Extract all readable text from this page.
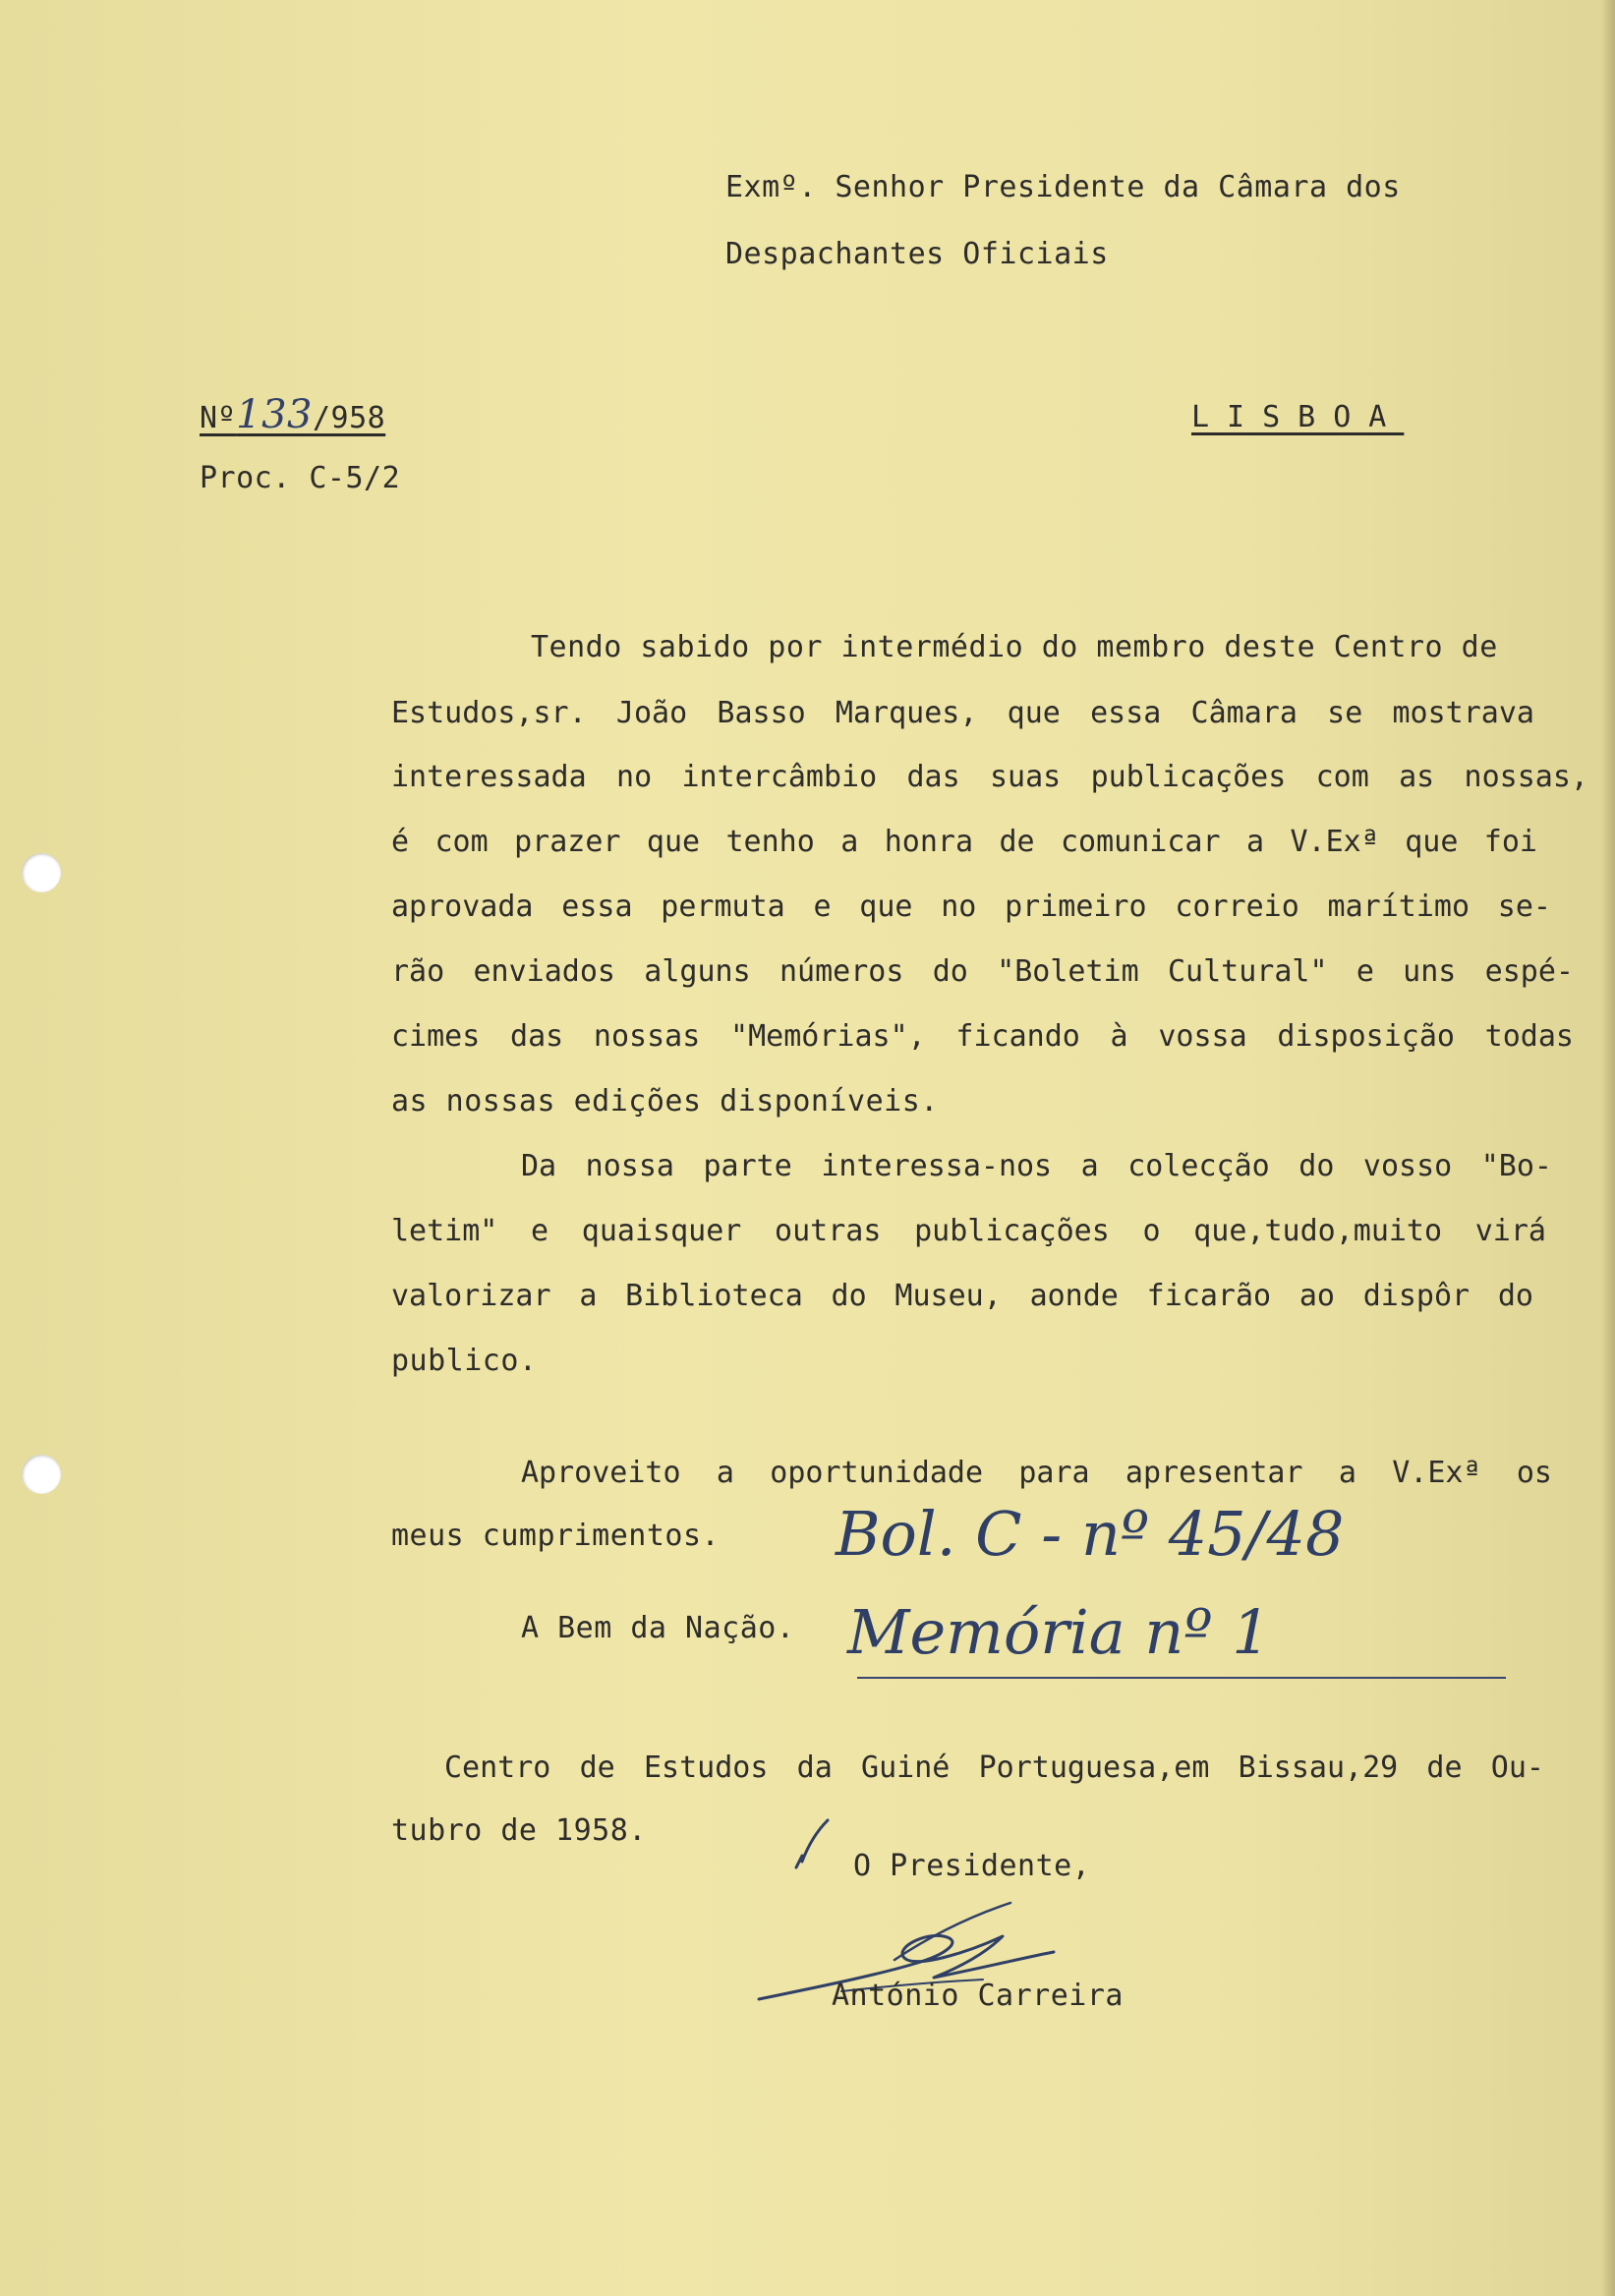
Exmº. Senhor Presidente da Câmara dos
Despachantes Oficiais
Nº133/958
Proc. C-5/2
LISBOA
Tendo sabido por intermédio do membro deste Centro de
Estudos,sr. João Basso Marques, que essa Câmara se mostrava
interessada no intercâmbio das suas publicações com as nossas,
é com prazer que tenho a honra de comunicar a V.Exª que foi
aprovada essa permuta e que no primeiro correio marítimo se-
rão enviados alguns números do "Boletim Cultural" e uns espé-
cimes das nossas "Memórias", ficando à vossa disposição todas
as nossas edições disponíveis.
Da nossa parte interessa-nos a colecção do vosso "Bo-
letim" e quaisquer outras publicações o que,tudo,muito virá
valorizar a Biblioteca do Museu, aonde ficarão ao dispôr do
publico.
Aproveito a oportunidade para apresentar a V.Exª os
meus cumprimentos. Bol. C - nº 45/48
Memória nº 1
A Bem da Nação.
Centro de Estudos da Guiné Portuguesa,em Bissau,29 de Ou-
tubro de 1958.
O Presidente,
António Carreira
